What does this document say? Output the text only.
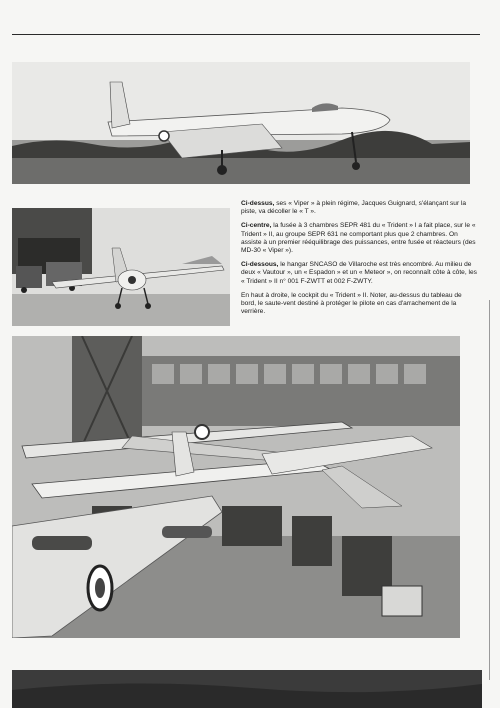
Ci-dessus, ses « Viper » à plein régime, Jacques Guignard, s'élançant sur la piste, va décoller le « T ».

Ci-centre, la fusée à 3 chambres SEPR 481 du « Trident » I a fait place, sur le « Trident » II, au groupe SEPR 631 ne comportant plus que 2 chambres. On assiste à un premier rééquilibrage des puissances, entre fusée et réacteurs (des MD-30 « Viper »).

Ci-dessous, le hangar SNCASO de Villaroche est très encombré. Au milieu de deux « Vautour », un « Espadon » et un « Meteor », on reconnaît côte à côte, les « Trident » II n° 001 F-ZWTT et 002 F-ZWTY.

En haut à droite, le cockpit du « Trident » II. Noter, au-dessus du tableau de bord, le saute-vent destiné à protéger le pilote en cas d'arrachement de la verrière.
